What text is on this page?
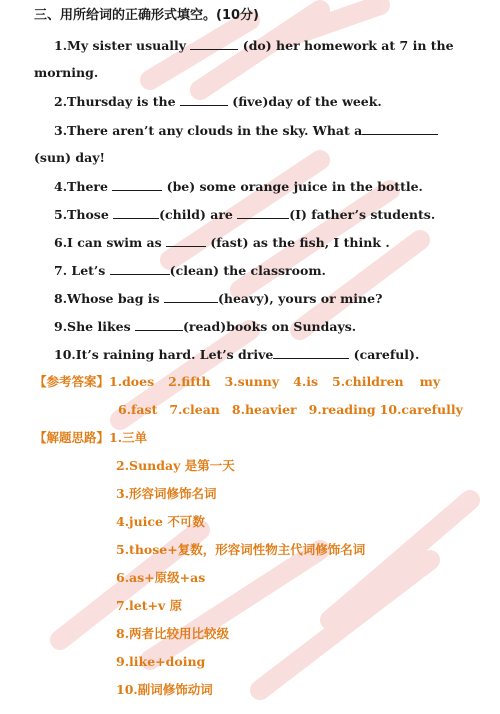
三、用所给词的正确形式填空。(10分)
1.My sister usually	(do) her homework at 7 in the
morning.
2.Thursday is the	(five)day of the week.
3.There aren’t any clouds in the sky. What a
(sun) day!
4.There	(be) some orange juice in the bottle.
5.Those	(child) are	(I) father’s students.
6.I can swim as	(fast) as the fish, I think .
7. Let’s	(clean) the classroom.
8.Whose bag is	(heavy), yours or mine?
9.She likes	(read)books on Sundays.
10.It’s raining hard. Let’s drive	(careful).
【参考答案】1.does 2.fifth 3.sunny 4.is 5.children my
6.fast 7.clean 8.heavier 9.reading 10.carefully
【解题思路】1.三单
2.Sunday 是第一天
3.形容词修饰名词
4.juice 不可数
5.those+复数，形容词性物主代词修饰名词
6.as+原级+as
7.let+v 原
8.两者比较用比较级
9.like+doing
10.副词修饰动词
